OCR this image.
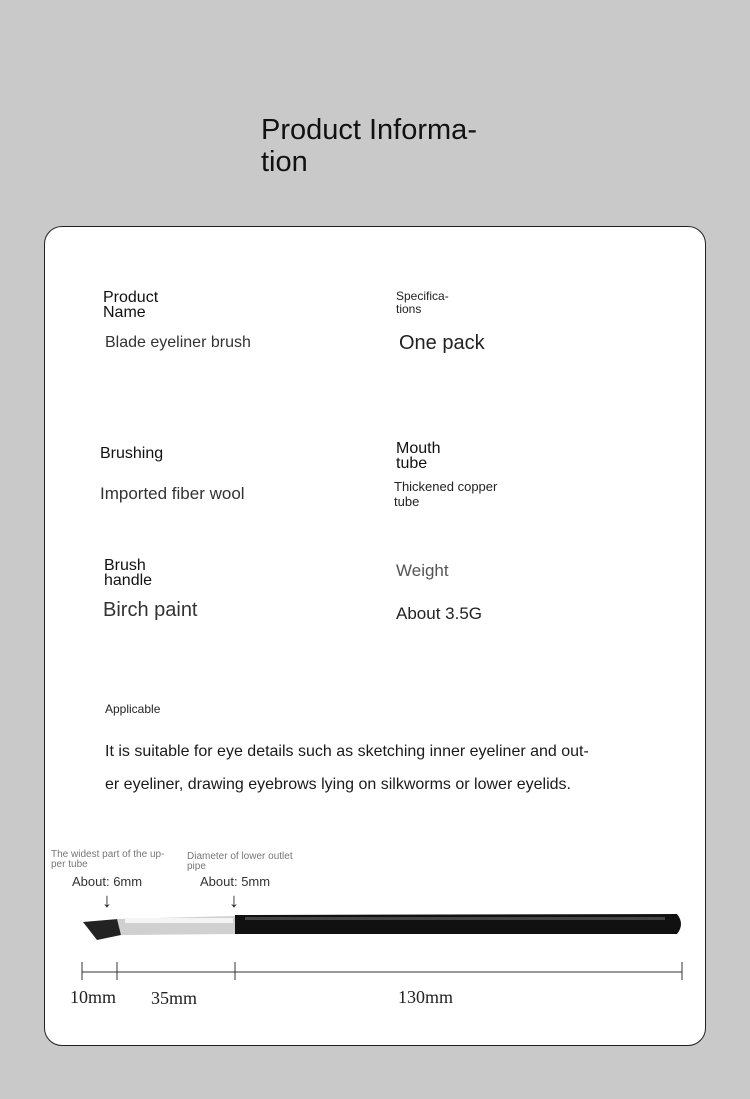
Product Informa-
tion
Product
Name
Blade eyeliner brush
Specifica-
tions
One pack
Brushing
Imported fiber wool
Mouth
tube
Thickened copper
tube
Brush
handle
Birch paint
Weight
About 3.5G
Applicable
It is suitable for eye details such as sketching inner eyeliner and out-
er eyeliner, drawing eyebrows lying on silkworms or lower eyelids.
The widest part of the up-
per tube
About: 6mm
↓
Diameter of lower outlet
pipe
About: 5mm
↓
10mm 35mm	130mm
